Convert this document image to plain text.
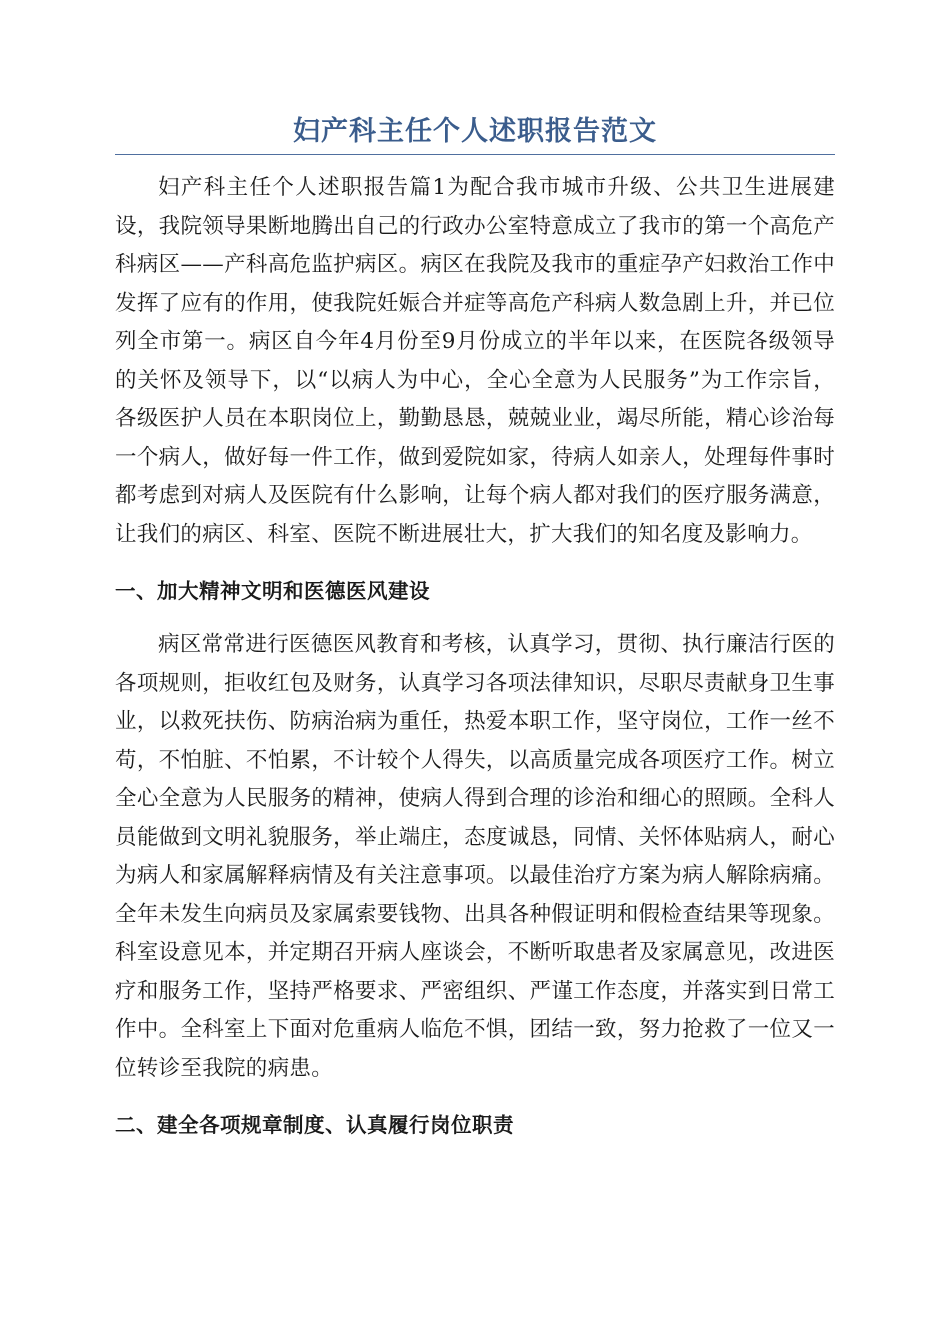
妇产科主任个人述职报告范文

妇产科主任个人述职报告篇1为配合我市城市升级、公共卫生进展建设，我院领导果断地腾出自己的行政办公室特意成立了我市的第一个高危产科病区——产科高危监护病区。病区在我院及我市的重症孕产妇救治工作中发挥了应有的作用，使我院妊娠合并症等高危产科病人数急剧上升，并已位列全市第一。病区自今年4月份至9月份成立的半年以来，在医院各级领导的关怀及领导下，以“以病人为中心，全心全意为人民服务”为工作宗旨，各级医护人员在本职岗位上，勤勤恳恳，兢兢业业，竭尽所能，精心诊治每一个病人，做好每一件工作，做到爱院如家，待病人如亲人，处理每件事时都考虑到对病人及医院有什么影响，让每个病人都对我们的医疗服务满意，让我们的病区、科室、医院不断进展壮大，扩大我们的知名度及影响力。

一、加大精神文明和医德医风建设

病区常常进行医德医风教育和考核，认真学习，贯彻、执行廉洁行医的各项规则，拒收红包及财务，认真学习各项法律知识，尽职尽责献身卫生事业，以救死扶伤、防病治病为重任，热爱本职工作，坚守岗位，工作一丝不苟，不怕脏、不怕累，不计较个人得失，以高质量完成各项医疗工作。树立全心全意为人民服务的精神，使病人得到合理的诊治和细心的照顾。全科人员能做到文明礼貌服务，举止端庄，态度诚恳，同情、关怀体贴病人，耐心为病人和家属解释病情及有关注意事项。以最佳治疗方案为病人解除病痛。全年未发生向病员及家属索要钱物、出具各种假证明和假检查结果等现象。科室设意见本，并定期召开病人座谈会，不断听取患者及家属意见，改进医疗和服务工作，坚持严格要求、严密组织、严谨工作态度，并落实到日常工作中。全科室上下面对危重病人临危不惧，团结一致，努力抢救了一位又一位转诊至我院的病患。

二、建全各项规章制度、认真履行岗位职责
